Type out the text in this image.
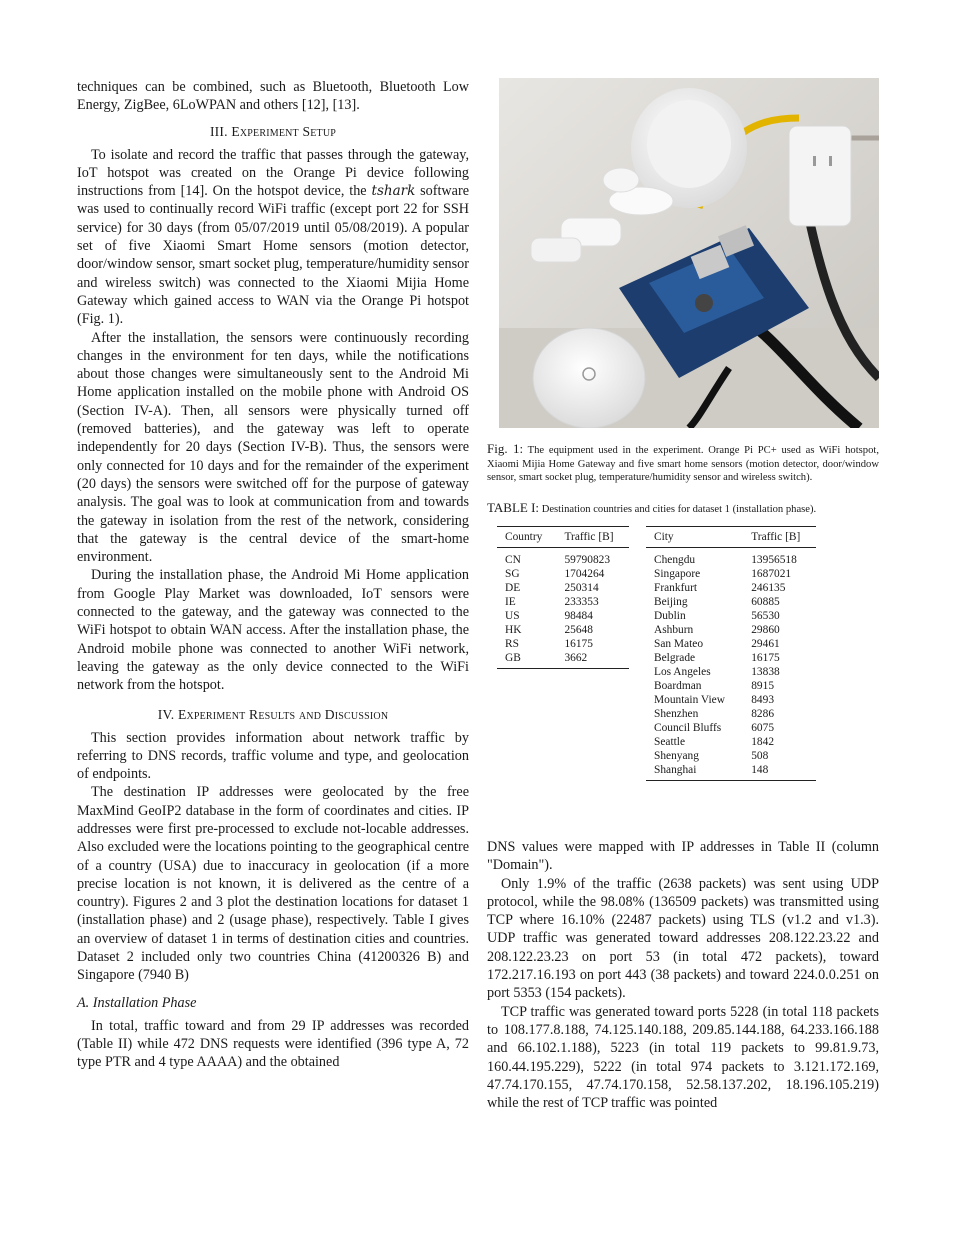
techniques can be combined, such as Bluetooth, Bluetooth Low Energy, ZigBee, 6LoWPAN and others [12], [13].

III. Experiment Setup

To isolate and record the traffic that passes through the gateway, IoT hotspot was created on the Orange Pi device following instructions from [14]. On the hotspot device, the tshark software was used to continually record WiFi traffic (except port 22 for SSH service) for 30 days (from 05/07/2019 until 05/08/2019). A popular set of five Xiaomi Smart Home sensors (motion detector, door/window sensor, smart socket plug, temperature/humidity sensor and wireless switch) was connected to the Xiaomi Mijia Home Gateway which gained access to WAN via the Orange Pi hotspot (Fig. 1).

After the installation, the sensors were continuously recording changes in the environment for ten days, while the notifications about those changes were simultaneously sent to the Android Mi Home application installed on the mobile phone with Android OS (Section IV-A). Then, all sensors were physically turned off (removed batteries), and the gateway was left to operate independently for 20 days (Section IV-B). Thus, the sensors were only connected for 10 days and for the remainder of the experiment (20 days) the sensors were switched off for the purpose of gateway analysis. The goal was to look at communication from and towards the gateway in isolation from the rest of the network, considering that the gateway is the central device of the smart-home environment.

During the installation phase, the Android Mi Home application from Google Play Market was downloaded, IoT sensors were connected to the gateway, and the gateway was connected to the WiFi hotspot to obtain WAN access. After the installation phase, the Android mobile phone was connected to another WiFi network, leaving the gateway as the only device connected to the WiFi network from the hotspot.

IV. Experiment Results and Discussion

This section provides information about network traffic by referring to DNS records, traffic volume and type, and geolocation of endpoints.

The destination IP addresses were geolocated by the free MaxMind GeoIP2 database in the form of coordinates and cities. IP addresses were first pre-processed to exclude not-locable addresses. Also excluded were the locations pointing to the geographical centre of a country (USA) due to inaccuracy in geolocation (if a more precise location is not known, it is delivered as the centre of a country). Figures 2 and 3 plot the destination locations for dataset 1 (installation phase) and 2 (usage phase), respectively. Table I gives an overview of dataset 1 in terms of destination cities and countries. Dataset 2 included only two countries China (41200326 B) and Singapore (7940 B)

A. Installation Phase

In total, traffic toward and from 29 IP addresses was recorded (Table II) while 472 DNS requests were identified (396 type A, 72 type PTR and 4 type AAAA) and the obtained

Fig. 1: The equipment used in the experiment. Orange Pi PC+ used as WiFi hotspot, Xiaomi Mijia Home Gateway and five smart home sensors (motion detector, door/window sensor, smart socket plug, temperature/humidity sensor and wireless switch).

TABLE I: Destination countries and cities for dataset 1 (installation phase).

Country	Traffic [B]
CN	59790823
SG	1704264
DE	250314
IE	233353
US	98484
HK	25648
RS	16175
GB	3662
City	Traffic [B]
Chengdu	13956518
Singapore	1687021
Frankfurt	246135
Beijing	60885
Dublin	56530
Ashburn	29860
San Mateo	29461
Belgrade	16175
Los Angeles	13838
Boardman	8915
Mountain View	8493
Shenzhen	8286
Council Bluffs	6075
Seattle	1842
Shenyang	508
Shanghai	148

DNS values were mapped with IP addresses in Table II (column "Domain").

Only 1.9% of the traffic (2638 packets) was sent using UDP protocol, while the 98.08% (136509 packets) was transmitted using TCP where 16.10% (22487 packets) using TLS (v1.2 and v1.3). UDP traffic was generated toward addresses 208.122.23.22 and 208.122.23.23 on port 53 (in total 472 packets), toward 172.217.16.193 on port 443 (38 packets) and toward 224.0.0.251 on port 5353 (154 packets).

TCP traffic was generated toward ports 5228 (in total 118 packets to 108.177.8.188, 74.125.140.188, 209.85.144.188, 64.233.166.188 and 66.102.1.188), 5223 (in total 119 packets to 99.81.9.73, 160.44.195.229), 5222 (in total 974 packets to 3.121.172.169, 47.74.170.155, 47.74.170.158, 52.58.137.202, 18.196.105.219) while the rest of TCP traffic was pointed
